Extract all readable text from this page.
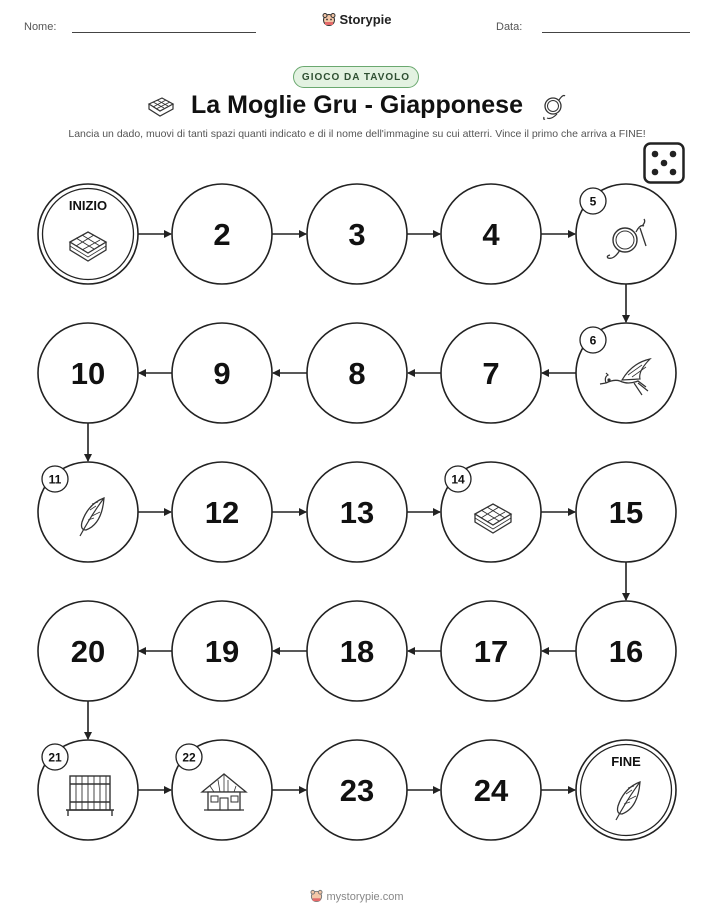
Nome:	Storypie	Data:
GIOCO DA TAVOLO
La Moglie Gru - Giapponese
Lancia un dado, muovi di tanti spazi quanti indicato e di il nome dell'immagine su cui atterri. Vince il primo che arriva a FINE!
INIZIO
2	3	4
5
6
7
8
9
10
11
12	13
14
15
16
17
18
19
20
21	22
23	24
FINE
mystorypie.com
